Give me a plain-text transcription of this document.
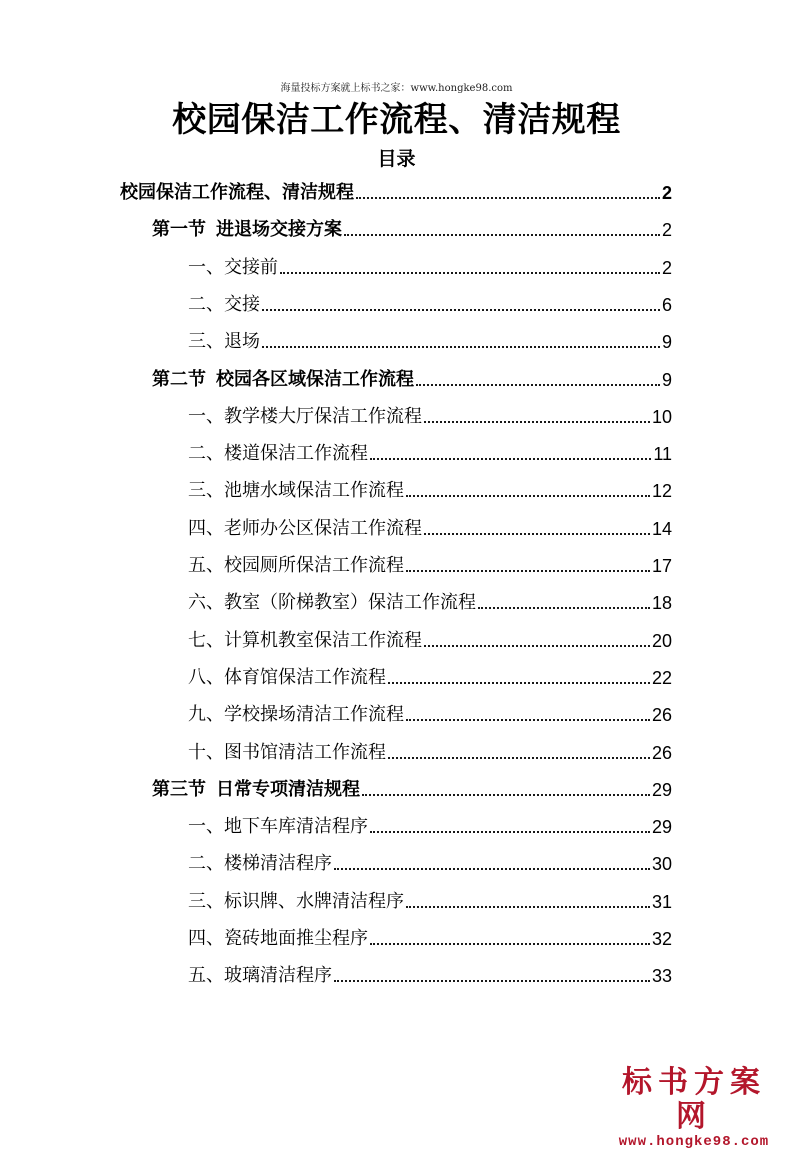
海量投标方案就上标书之家：www.hongke98.com
校园保洁工作流程、清洁规程
目录
校园保洁工作流程、清洁规程	2
第一节 进退场交接方案	2
一、交接前	2
二、交接	6
三、退场	9
第二节 校园各区域保洁工作流程	9
一、教学楼大厅保洁工作流程	10
二、楼道保洁工作流程	11
三、池塘水域保洁工作流程	12
四、老师办公区保洁工作流程	14
五、校园厕所保洁工作流程	17
六、教室（阶梯教室）保洁工作流程	18
七、计算机教室保洁工作流程	20
八、体育馆保洁工作流程	22
九、学校操场清洁工作流程	26
十、图书馆清洁工作流程	26
第三节 日常专项清洁规程	29
一、地下车库清洁程序	29
二、楼梯清洁程序	30
三、标识牌、水牌清洁程序	31
四、瓷砖地面推尘程序	32
五、玻璃清洁程序	33
标书方案网
www.hongke98.com
